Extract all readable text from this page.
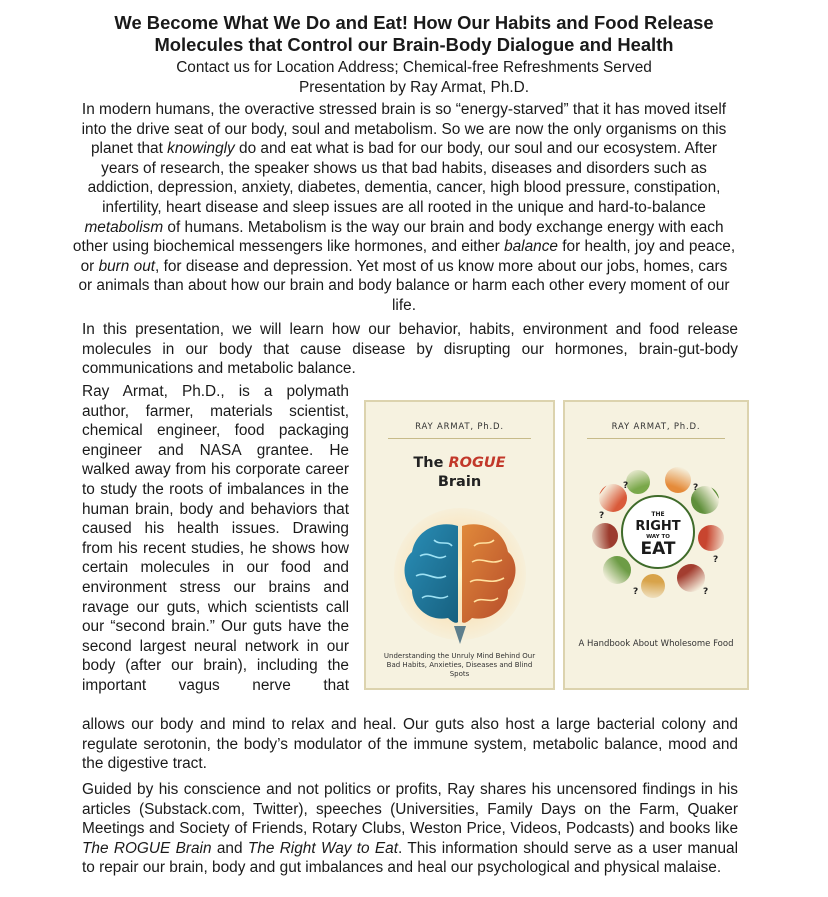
We Become What We Do and Eat! How Our Habits and Food Release
Molecules that Control our Brain-Body Dialogue and Health

Contact us for Location Address; Chemical-free Refreshments Served

Presentation by Ray Armat, Ph.D.

In modern humans, the overactive stressed brain is so “energy-starved” that it has moved itself into the drive seat of our body, soul and metabolism. So we are now the only organisms on this planet that knowingly do and eat what is bad for our body, our soul and our ecosystem. After years of research, the speaker shows us that bad habits, diseases and disorders such as addiction, depression, anxiety, diabetes, dementia, cancer, high blood pressure, constipation, infertility, heart disease and sleep issues are all rooted in the unique and hard-to-balance metabolism of humans. Metabolism is the way our brain and body exchange energy with each other using biochemical messengers like hormones, and either balance for health, joy and peace, or burn out, for disease and depression. Yet most of us know more about our jobs, homes, cars or animals than about how our brain and body balance or harm each other every moment of our life.

In this presentation, we will learn how our behavior, habits, environment and food release molecules in our body that cause disease by disrupting our hormones, brain-gut-body communications and metabolic balance.

Ray Armat, Ph.D., is a polymath author, farmer, materials scientist, chemical engineer, food packaging engineer and NASA grantee. He walked away from his corporate career to study the roots of imbalances in the human brain, body and behaviors that caused his health issues. Drawing from his recent studies, he shows how certain molecules in our food and environment stress our brains and ravage our guts, which scientists call our “second brain.” Our guts have the second largest neural network in our body (after our brain), including the important vagus nerve that

RAY ARMAT, Ph.D.
The ROGUE
Brain
Understanding the Unruly Mind Behind Our Bad Habits, Anxieties, Diseases and Blind Spots
RAY ARMAT, Ph.D.
THE
RIGHT
WAY TO
EAT
?	?
?
?
?	?
A Handbook About Wholesome Food

allows our body and mind to relax and heal. Our guts also host a large bacterial colony and regulate serotonin, the body’s modulator of the immune system, metabolic balance, mood and the digestive tract.

Guided by his conscience and not politics or profits, Ray shares his uncensored findings in his articles (Substack.com, Twitter), speeches (Universities, Family Days on the Farm, Quaker Meetings and Society of Friends, Rotary Clubs, Weston Price, Videos, Podcasts) and books like The ROGUE Brain and The Right Way to Eat. This information should serve as a user manual to repair our brain, body and gut imbalances and heal our psychological and physical malaise.
